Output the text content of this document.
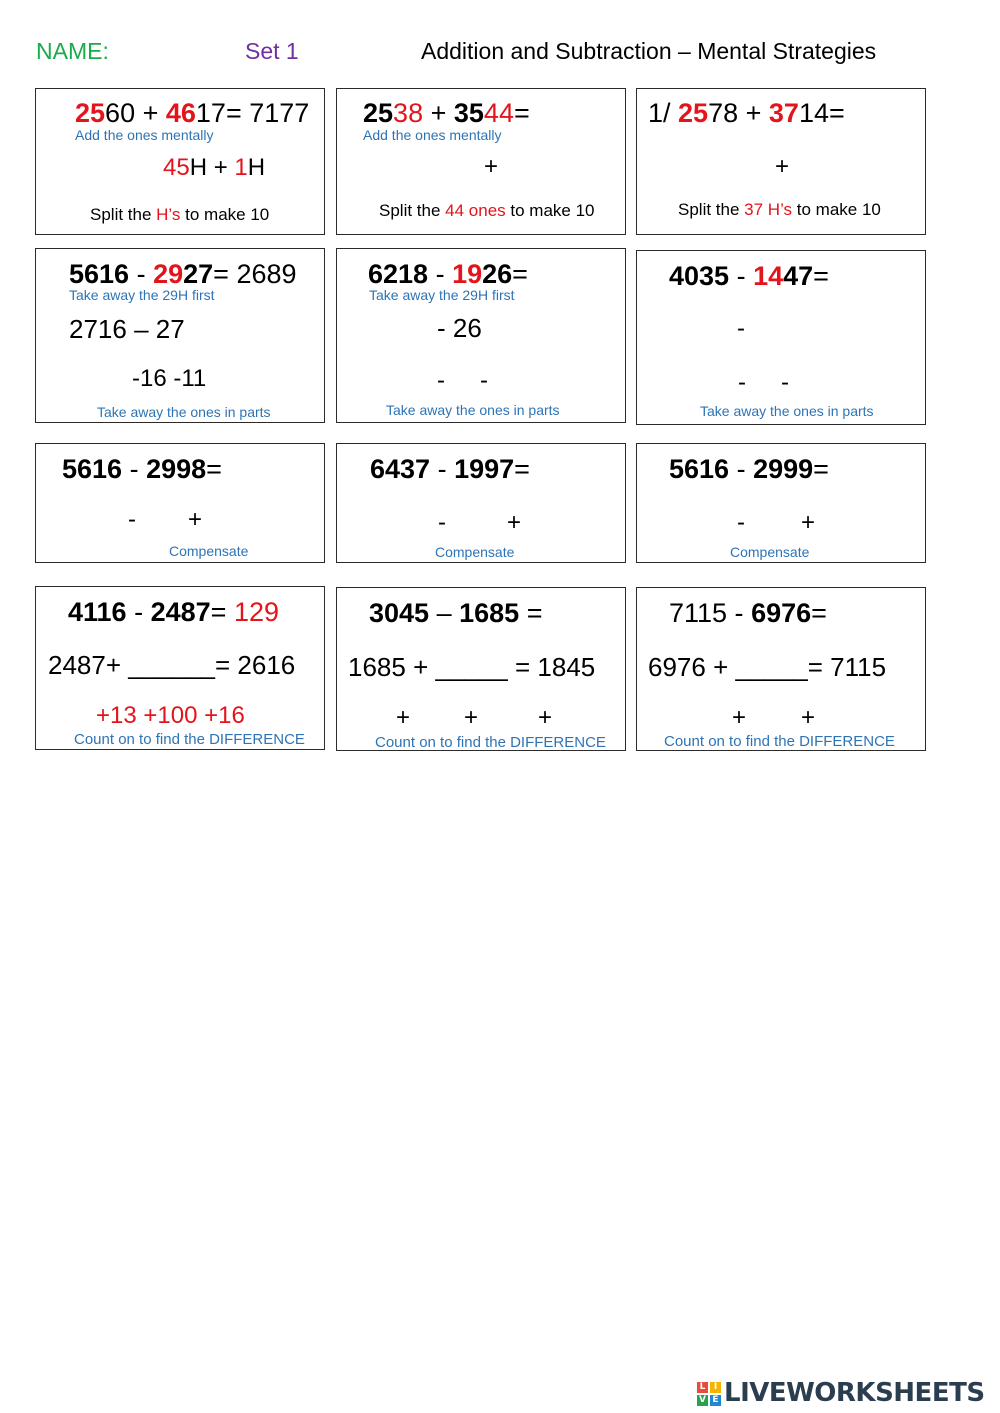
NAME:	Set 1	Addition and Subtraction – Mental Strategies
2560 + 4617= 7177
Add the ones mentally
45H + 1H
Split the H’s to make 10
2538 + 3544=
Add the ones mentally
+
Split the 44 ones to make 10
1/ 2578 + 3714=
+
Split the 37 H’s to make 10
5616 - 2927= 2689
Take away the 29H first
2716 – 27
-16 -11
Take away the ones in parts
6218 - 1926=
Take away the 29H first
- 26
- -
Take away the ones in parts
4035 - 1447=
-
- -
Take away the ones in parts
5616 - 2998=
- +
Compensate
6437 - 1997=
-	+
Compensate
5616 - 2999=
- +
Compensate
4116 - 2487= 129
2487+ ______= 2616
+13 +100 +16
Count on to find the DIFFERENCE
3045 – 1685 =
1685 + _____ = 1845
+ + +
Count on to find the DIFFERENCE
7115 - 6976=
6976 + _____= 7115
+ +
Count on to find the DIFFERENCE
L I
V E LIVEWORKSHEETS
